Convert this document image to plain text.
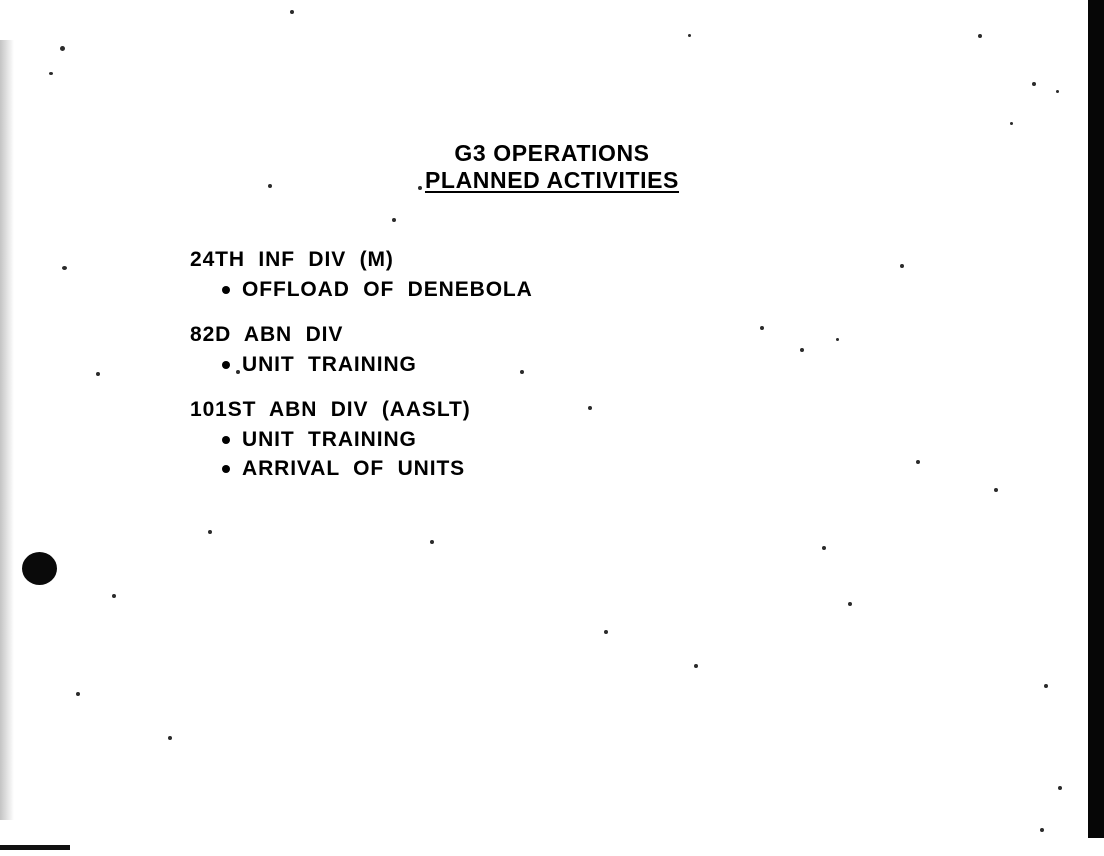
G3 OPERATIONS
PLANNED ACTIVITIES

24TH  INF  DIV  (M)

OFFLOAD  OF  DENEBOLA

82D  ABN  DIV

UNIT  TRAINING

101ST  ABN  DIV  (AASLT)

UNIT  TRAINING
ARRIVAL  OF  UNITS
